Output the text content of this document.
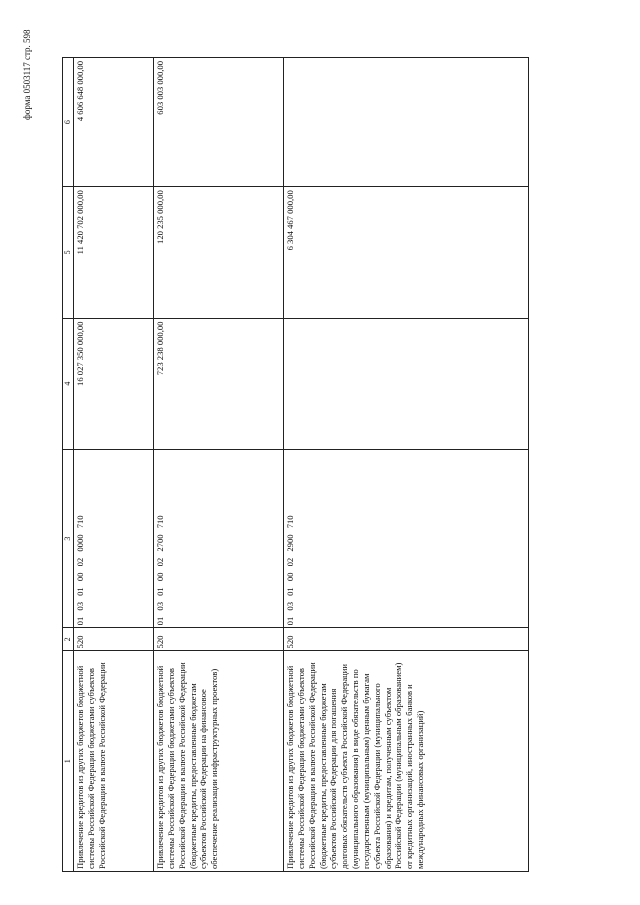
форма 0503117 стр. 598
1	2	3	4	5	6
Привлечение кредитов из других бюджетов бюджетной системы Российской Федерации бюджетами субъектов Российской Федерации в валюте Российской Федерации	520	01 03 01 00 02 0000 710	16 027 350 000,00	11 420 702 000,00	4 606 648 000,00
Привлечение кредитов из других бюджетов бюджетной системы Российской Федерации бюджетами субъектов Российской Федерации в валюте Российской Федерации (бюджетные кредиты, предоставленные бюджетам субъектов Российской Федерации на финансовое обеспечение реализации инфраструктурных проектов)	520	01 03 01 00 02 2700 710	723 238 000,00	120 235 000,00	603 003 000,00
Привлечение кредитов из других бюджетов бюджетной системы Российской Федерации бюджетами субъектов Российской Федерации в валюте Российской Федерации (бюджетные кредиты, предоставленные бюджетам субъектов Российской Федерации для погашения долговых обязательств субъекта Российской Федерации (муниципального образования) в виде обязательств по государственным (муниципальным) ценным бумагам субъекта Российской Федерации (муниципального образования) и кредитам, полученным субъектом Российской Федерации (муниципальным образованием) от кредитных организаций, иностранных банков и международных финансовых организаций)	520	01 03 01 00 02 2900 710		6 304 467 000,00	
